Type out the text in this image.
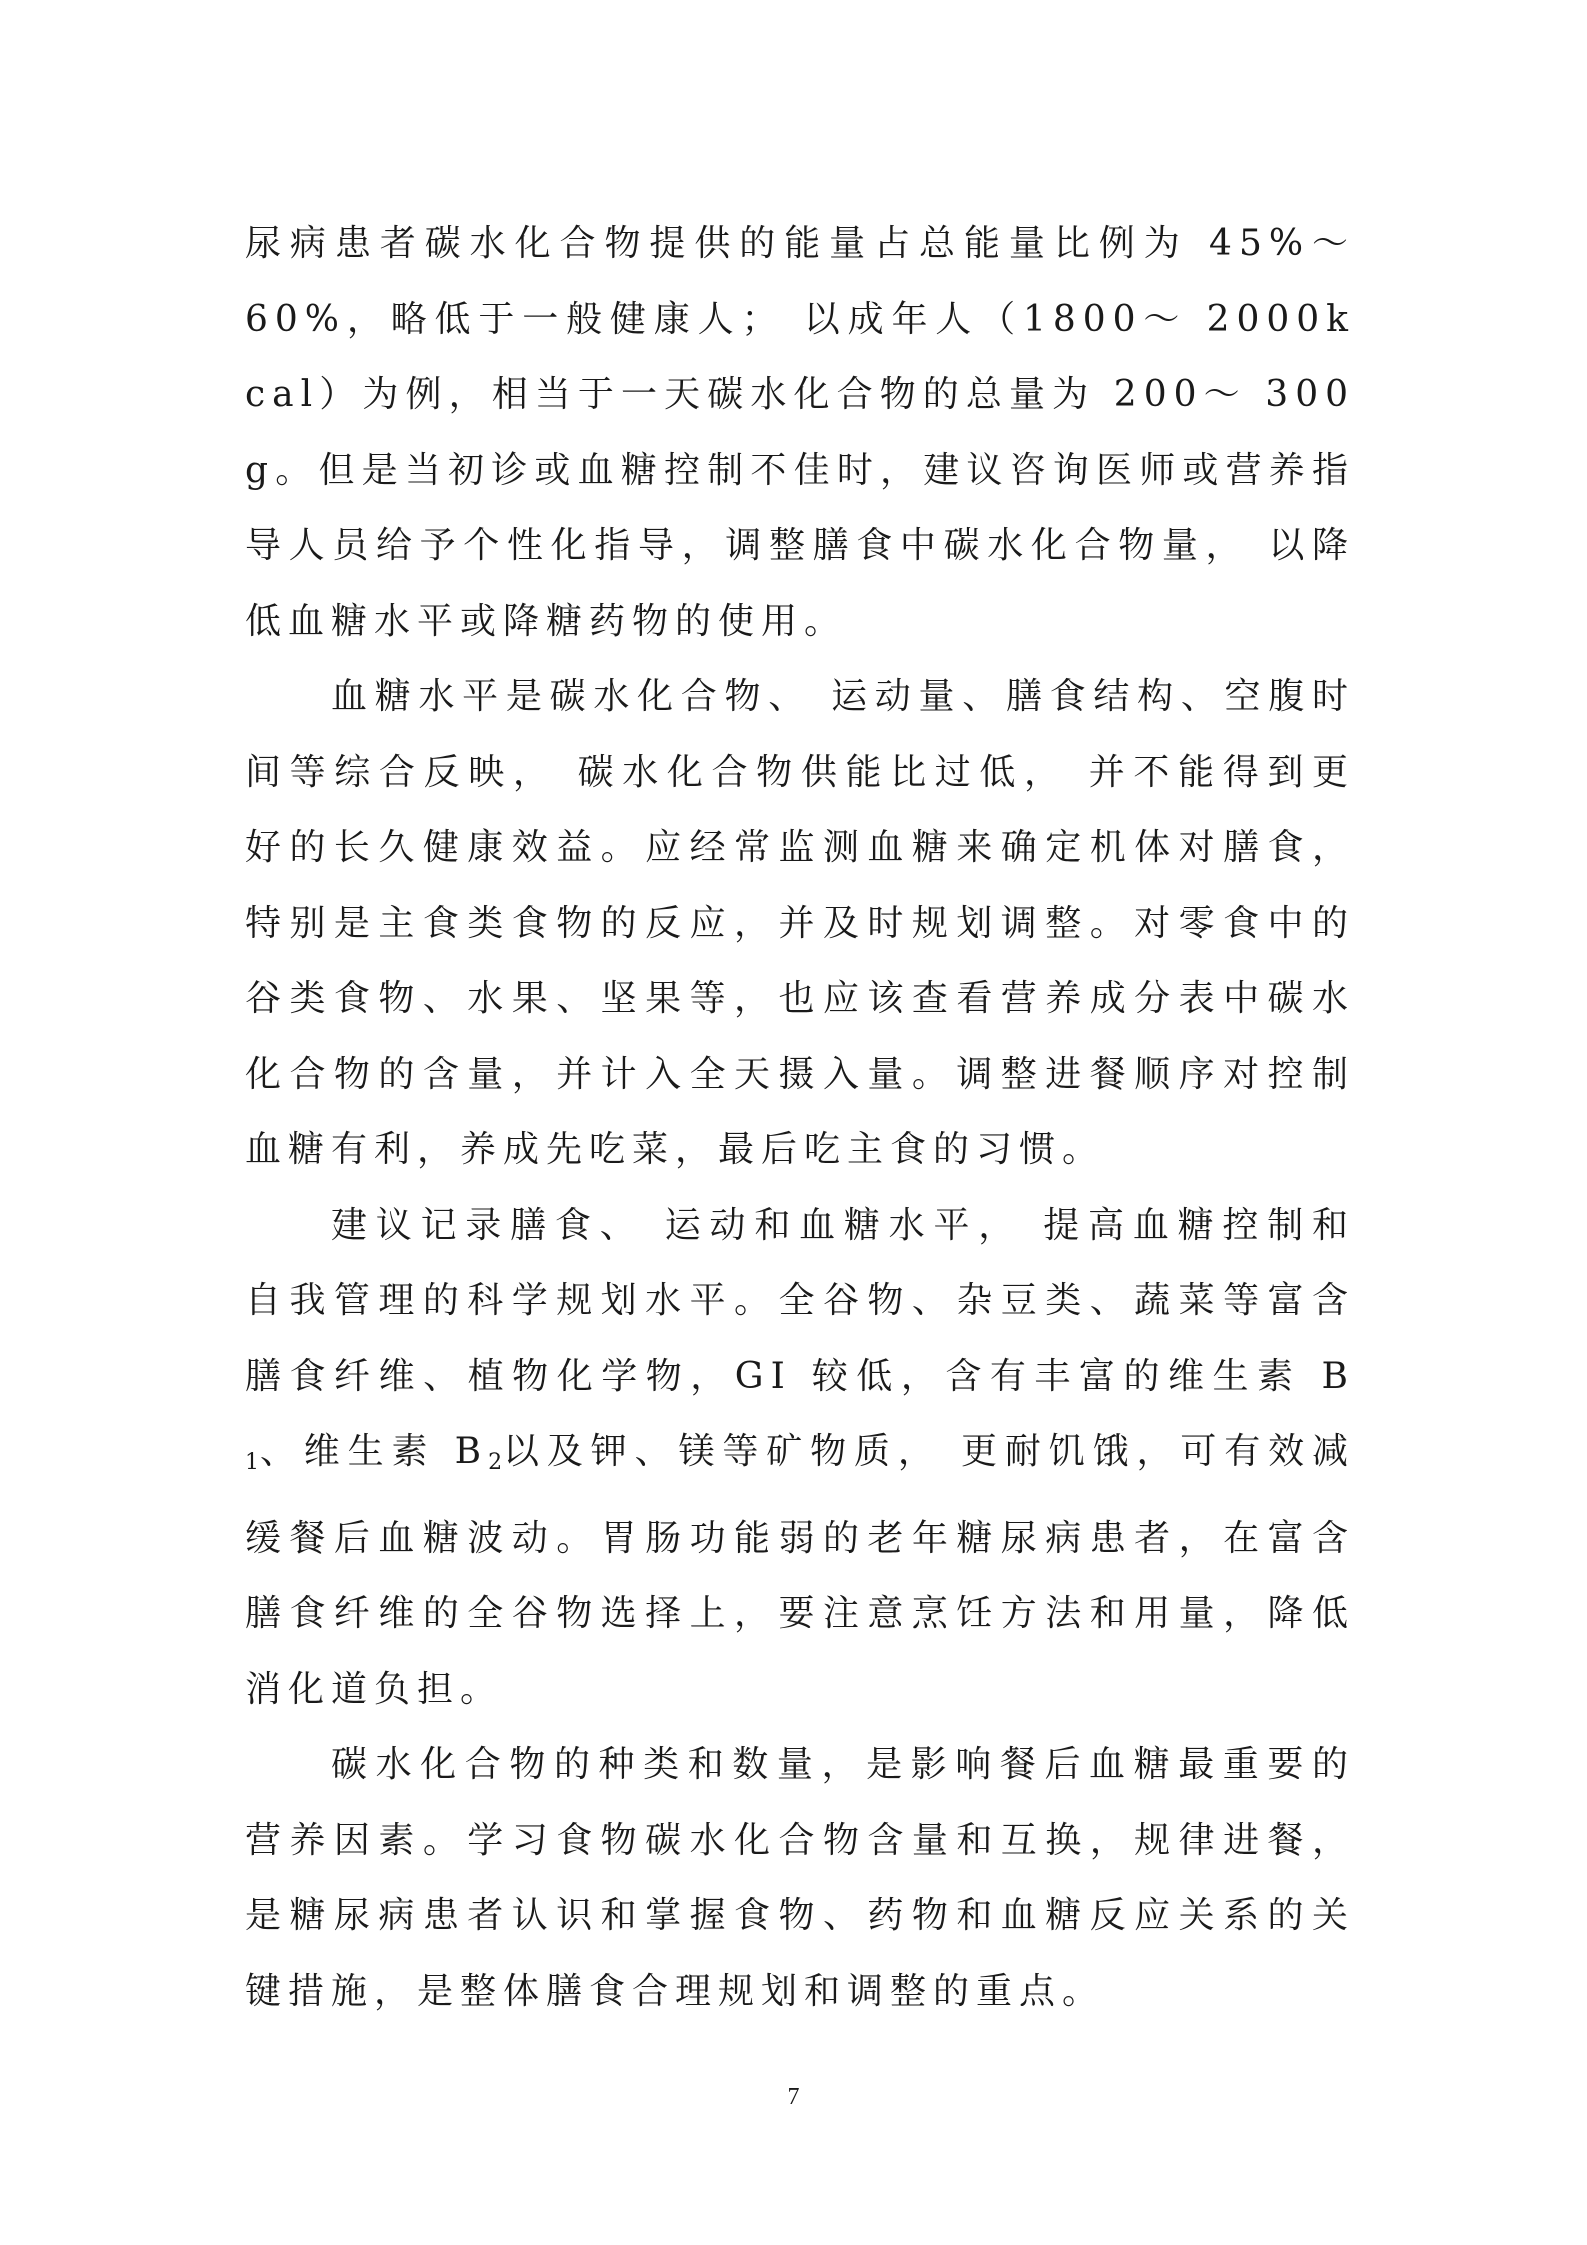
尿病患者碳水化合物提供的能量占总能量比例为 45%～ 60%，略低于一般健康人； 以成年人（1800～ 2000kcal）为例，相当于一天碳水化合物的总量为 200～ 300g。但是当初诊或血糖控制不佳时，建议咨询医师或营养指导人员给予个性化指导，调整膳食中碳水化合物量， 以降低血糖水平或降糖药物的使用。

血糖水平是碳水化合物、 运动量、膳食结构、空腹时间等综合反映， 碳水化合物供能比过低， 并不能得到更好的长久健康效益。应经常监测血糖来确定机体对膳食， 特别是主食类食物的反应，并及时规划调整。对零食中的谷类食物、水果、坚果等，也应该查看营养成分表中碳水化合物的含量，并计入全天摄入量。调整进餐顺序对控制血糖有利，养成先吃菜，最后吃主食的习惯。

建议记录膳食、 运动和血糖水平， 提高血糖控制和自我管理的科学规划水平。全谷物、杂豆类、蔬菜等富含膳食纤维、植物化学物，GI 较低，含有丰富的维生素 $B_1$、维生素 $B_2$以及钾、镁等矿物质， 更耐饥饿，可有效减缓餐后血糖波动。胃肠功能弱的老年糖尿病患者，在富含膳食纤维的全谷物选择上，要注意烹饪方法和用量，降低消化道负担。

碳水化合物的种类和数量，是影响餐后血糖最重要的营养因素。学习食物碳水化合物含量和互换，规律进餐， 是糖尿病患者认识和掌握食物、药物和血糖反应关系的关键措施，是整体膳食合理规划和调整的重点。

7
